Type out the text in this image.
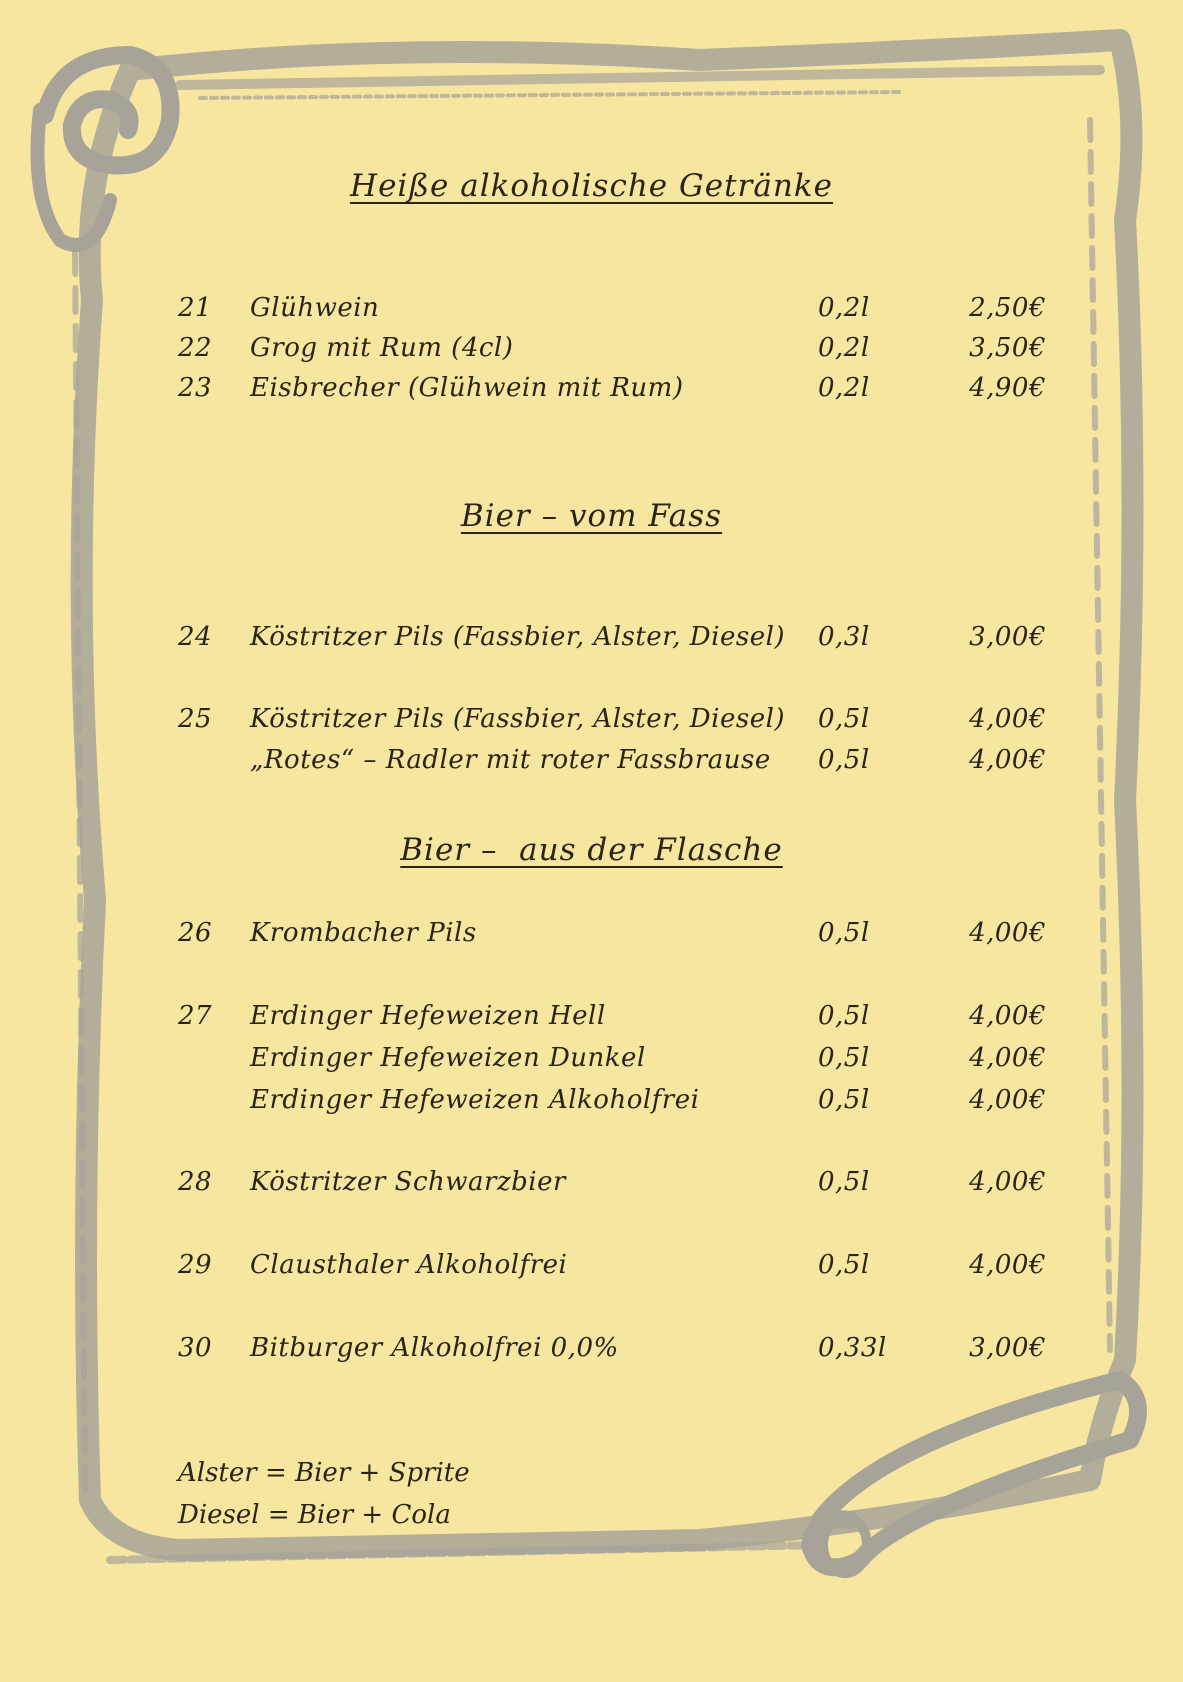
Heiße alkoholische Getränke
21 Glühwein	0,2l	2,50€
22 Grog mit Rum (4cl)	0,2l	3,50€
23 Eisbrecher (Glühwein mit Rum)	0,2l	4,90€
Bier – vom Fass
24 Köstritzer Pils (Fassbier, Alster, Diesel) 0,3l	3,00€
25 Köstritzer Pils (Fassbier, Alster, Diesel) 0,5l	4,00€
„Rotes“ – Radler mit roter Fassbrause 0,5l	4,00€
Bier –  aus der Flasche
26 Krombacher Pils	0,5l	4,00€
27 Erdinger Hefeweizen Hell	0,5l	4,00€
Erdinger Hefeweizen Dunkel	0,5l	4,00€
Erdinger Hefeweizen Alkoholfrei	0,5l	4,00€
28 Köstritzer Schwarzbier	0,5l	4,00€
29 Clausthaler Alkoholfrei	0,5l	4,00€
30 Bitburger Alkoholfrei 0,0%	0,33l	3,00€
Alster = Bier + Sprite
Diesel = Bier + Cola
